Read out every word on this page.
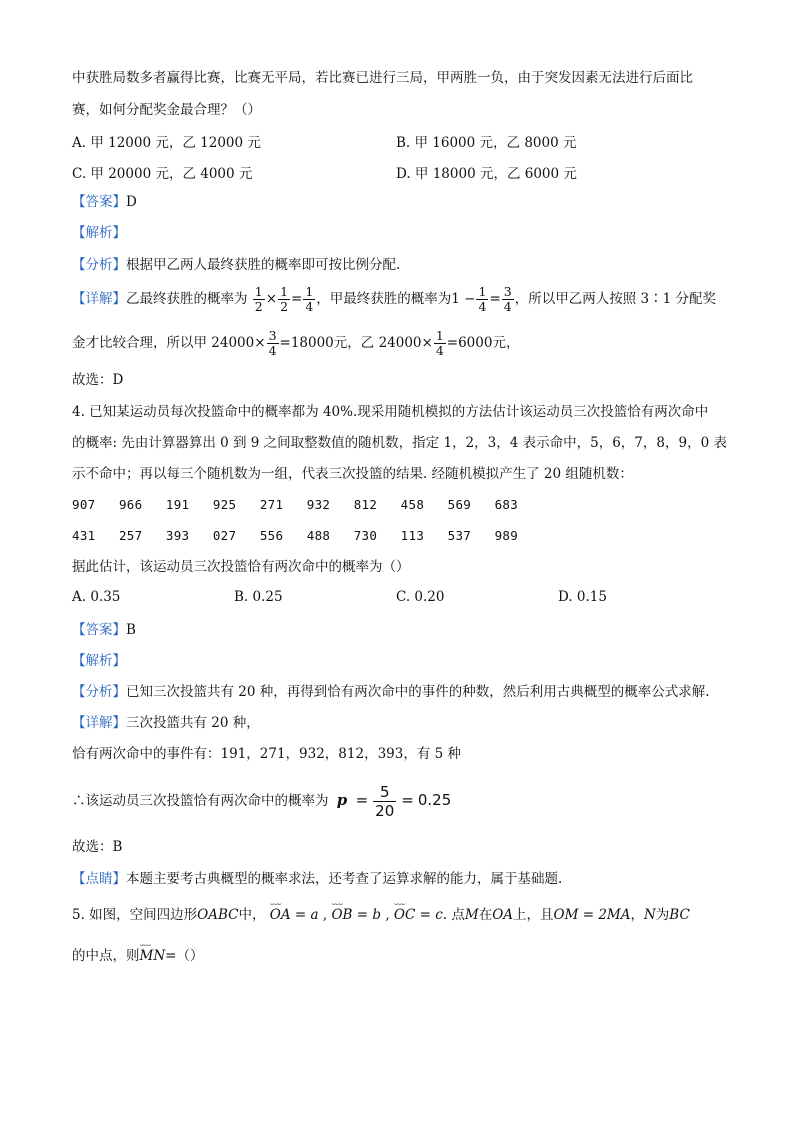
中获胜局数多者赢得比赛，比赛无平局，若比赛已进行三局，甲两胜一负，由于突发因素无法进行后面比
赛，如何分配奖金最合理？（）
A. 甲 12000 元，乙 12000 元	B. 甲 16000 元，乙 8000 元
C. 甲 20000 元，乙 4000 元	D. 甲 18000 元，乙 6000 元
【答案】D
【解析】
【分析】根据甲乙两人最终获胜的概率即可按比例分配.
【详解】乙最终获胜的概率为 $\frac{1}{2} \times \frac{1}{2} = \frac{1}{4}$ ，甲最终获胜的概率为$1 - \frac{1}{4} = \frac{3}{4}$ ，所以甲乙两人按照 3∶1 分配奖
金才比较合理，所以甲 $24000\times \frac{3}{4} =18000$元，乙 $24000\times \frac{1}{4} =6000$元，
故选：D
4. 已知某运动员每次投篮命中的概率都为 40%.现采用随机模拟的方法估计该运动员三次投篮恰有两次命中
的概率: 先由计算器算出 0 到 9 之间取整数值的随机数，指定 1，2，3，4 表示命中，5，6，7，8，9，0 表
示不命中；再以每三个随机数为一组，代表三次投篮的结果. 经随机模拟产生了 20 组随机数：
907   966   191   925   271   932   812   458   569   683
431   257   393   027   556   488   730   113   537   989
据此估计，该运动员三次投篮恰有两次命中的概率为（）
A. 0.35	B. 0.25	C. 0.20	D. 0.15
【答案】B
【解析】
【分析】已知三次投篮共有 20 种，再得到恰有两次命中的事件的种数，然后利用古典概型的概率公式求解.
【详解】三次投篮共有 20 种，
恰有两次命中的事件有：191，271，932，812，393，有 5 种
∴该运动员三次投篮恰有两次命中的概率为 $p = \frac{5}{20} = 0.25$
故选：B
【点睛】本题主要考古典概型的概率求法，还考查了运算求解的能力，属于基础题.
5. 如图，空间四边形OABC中， ⌣⌣⌣ OA = a , ⌣⌣⌣ OB = b , ⌣⌣⌣ OC = c. 点M在OA上，且OM = 2MA，N为BC
的中点，则⌣⌣⌣ MN=（）
